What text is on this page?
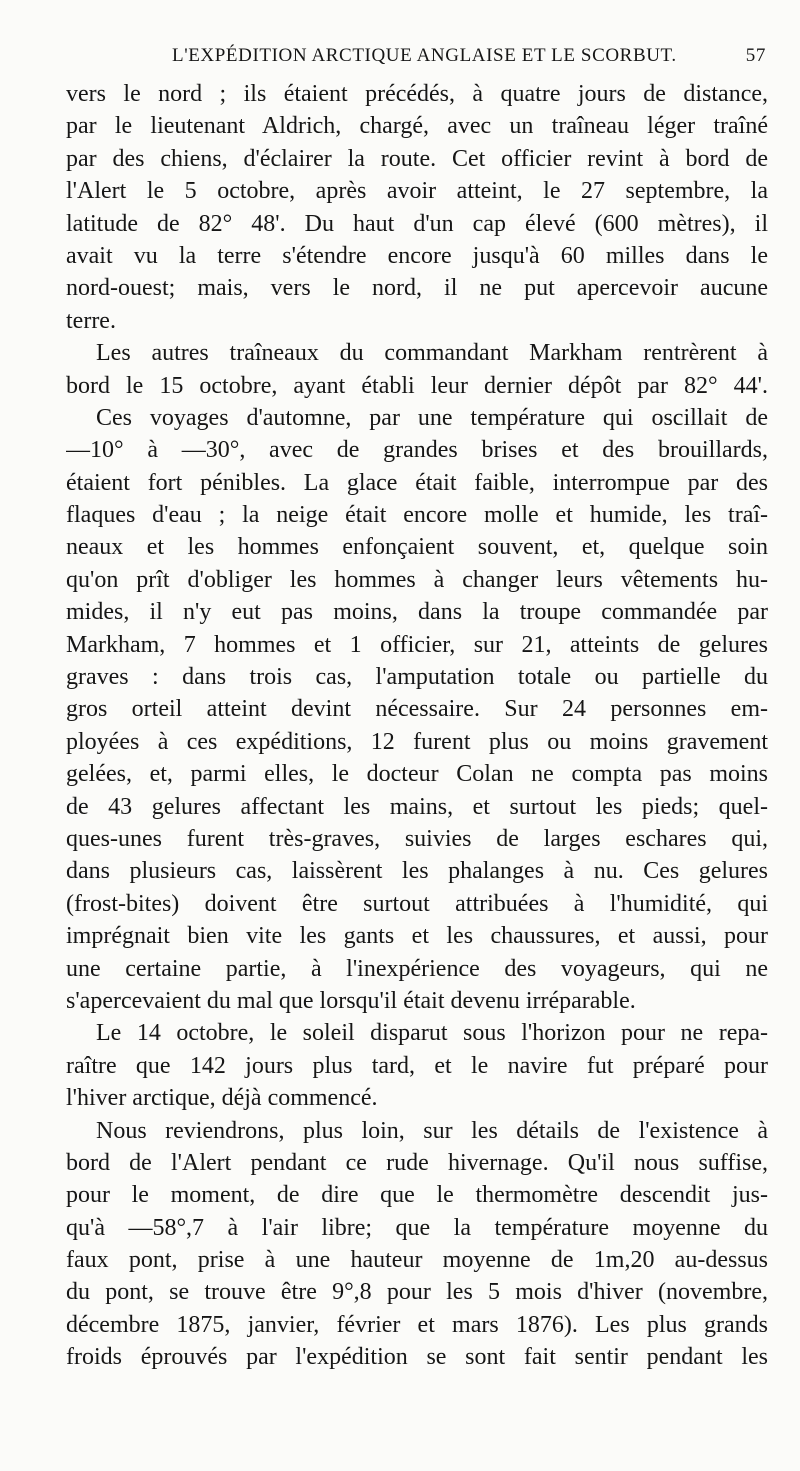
L'EXPÉDITION ARCTIQUE ANGLAISE ET LE SCORBUT.	57
vers le nord ; ils étaient précédés, à quatre jours de distance,
par le lieutenant Aldrich, chargé, avec un traîneau léger traîné
par des chiens, d'éclairer la route. Cet officier revint à bord de
l'Alert le 5 octobre, après avoir atteint, le 27 septembre, la
latitude de 82° 48'. Du haut d'un cap élevé (600 mètres), il
avait vu la terre s'étendre encore jusqu'à 60 milles dans le
nord-ouest; mais, vers le nord, il ne put apercevoir aucune
terre.
Les autres traîneaux du commandant Markham rentrèrent à
bord le 15 octobre, ayant établi leur dernier dépôt par 82° 44'.
Ces voyages d'automne, par une température qui oscillait de
—10° à —30°, avec de grandes brises et des brouillards,
étaient fort pénibles. La glace était faible, interrompue par des
flaques d'eau ; la neige était encore molle et humide, les traî-
neaux et les hommes enfonçaient souvent, et, quelque soin
qu'on prît d'obliger les hommes à changer leurs vêtements hu-
mides, il n'y eut pas moins, dans la troupe commandée par
Markham, 7 hommes et 1 officier, sur 21, atteints de gelures
graves : dans trois cas, l'amputation totale ou partielle du
gros orteil atteint devint nécessaire. Sur 24 personnes em-
ployées à ces expéditions, 12 furent plus ou moins gravement
gelées, et, parmi elles, le docteur Colan ne compta pas moins
de 43 gelures affectant les mains, et surtout les pieds; quel-
ques-unes furent très-graves, suivies de larges eschares qui,
dans plusieurs cas, laissèrent les phalanges à nu. Ces gelures
(frost-bites) doivent être surtout attribuées à l'humidité, qui
imprégnait bien vite les gants et les chaussures, et aussi, pour
une certaine partie, à l'inexpérience des voyageurs, qui ne
s'apercevaient du mal que lorsqu'il était devenu irréparable.
Le 14 octobre, le soleil disparut sous l'horizon pour ne repa-
raître que 142 jours plus tard, et le navire fut préparé pour
l'hiver arctique, déjà commencé.
Nous reviendrons, plus loin, sur les détails de l'existence à
bord de l'Alert pendant ce rude hivernage. Qu'il nous suffise,
pour le moment, de dire que le thermomètre descendit jus-
qu'à —58°,7 à l'air libre; que la température moyenne du
faux pont, prise à une hauteur moyenne de 1m,20 au-dessus
du pont, se trouve être 9°,8 pour les 5 mois d'hiver (novembre,
décembre 1875, janvier, février et mars 1876). Les plus grands
froids éprouvés par l'expédition se sont fait sentir pendant les
